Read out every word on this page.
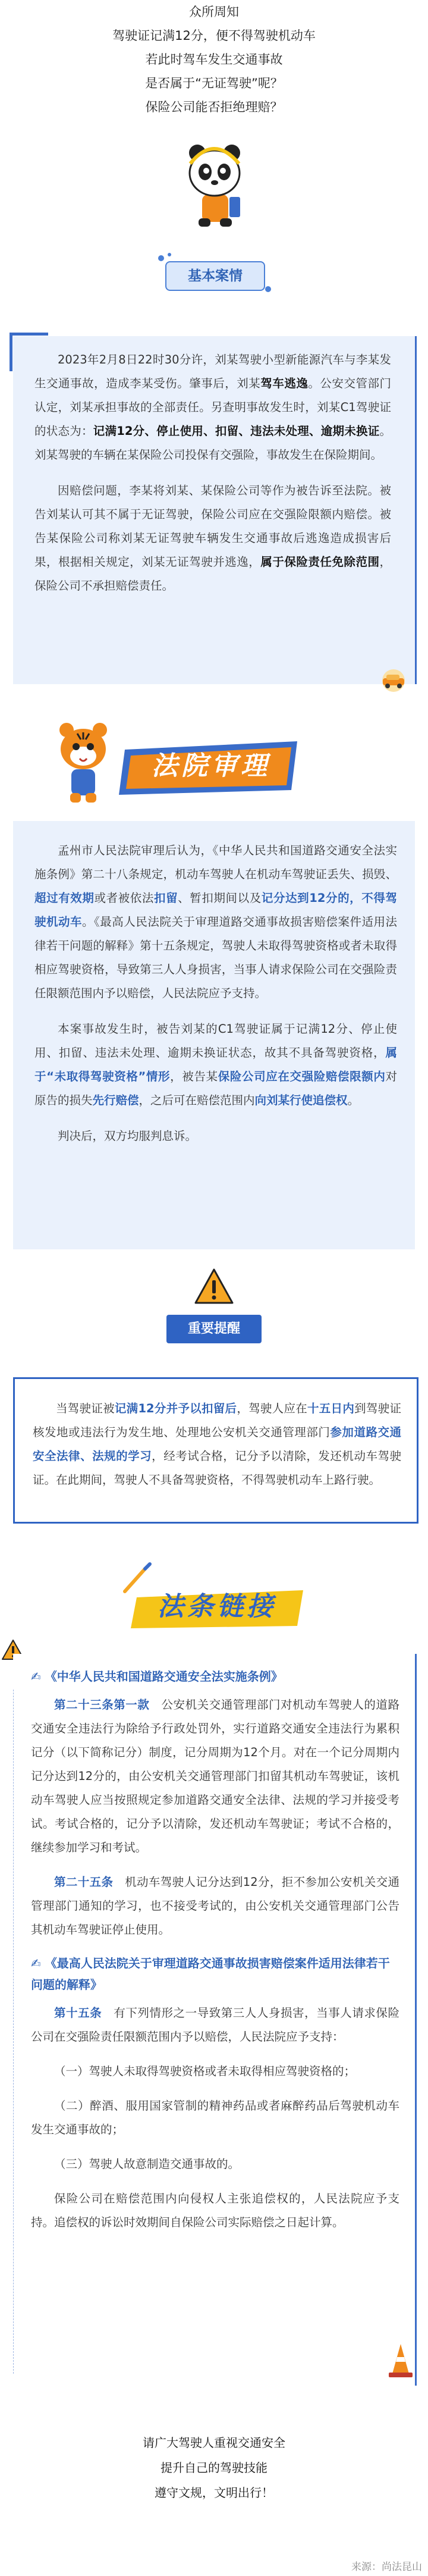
众所周知

驾驶证记满12分，便不得驾驶机动车

若此时驾车发生交通事故

是否属于“无证驾驶”呢？

保险公司能否拒绝理赔？

基本案情

2023年2月8日22时30分许，刘某驾驶小型新能源汽车与李某发生交通事故，造成李某受伤。肇事后，刘某驾车逃逸。公安交管部门认定，刘某承担事故的全部责任。另查明事故发生时，刘某C1驾驶证的状态为：记满12分、停止使用、扣留、违法未处理、逾期未换证。刘某驾驶的车辆在某保险公司投保有交强险，事故发生在保险期间。

因赔偿问题，李某将刘某、某保险公司等作为被告诉至法院。被告刘某认可其不属于无证驾驶，保险公司应在交强险限额内赔偿。被告某保险公司称刘某无证驾驶车辆发生交通事故后逃逸造成损害后果，根据相关规定，刘某无证驾驶并逃逸，属于保险责任免除范围，保险公司不承担赔偿责任。

法院审理

孟州市人民法院审理后认为，《中华人民共和国道路交通安全法实施条例》第二十八条规定，机动车驾驶人在机动车驾驶证丢失、损毁、超过有效期或者被依法扣留、暂扣期间以及记分达到12分的，不得驾驶机动车。《最高人民法院关于审理道路交通事故损害赔偿案件适用法律若干问题的解释》第十五条规定，驾驶人未取得驾驶资格或者未取得相应驾驶资格，导致第三人人身损害，当事人请求保险公司在交强险责任限额范围内予以赔偿，人民法院应予支持。

本案事故发生时，被告刘某的C1驾驶证属于记满12分、停止使用、扣留、违法未处理、逾期未换证状态，故其不具备驾驶资格，属于“未取得驾驶资格”情形，被告某保险公司应在交强险赔偿限额内对原告的损失先行赔偿，之后可在赔偿范围内向刘某行使追偿权。

判决后，双方均服判息诉。

重要提醒

当驾驶证被记满12分并予以扣留后，驾驶人应在十五日内到驾驶证核发地或违法行为发生地、处理地公安机关交通管理部门参加道路交通安全法律、法规的学习，经考试合格，记分予以清除，发还机动车驾驶证。在此期间，驾驶人不具备驾驶资格，不得驾驶机动车上路行驶。

法条链接

✍ 《中华人民共和国道路交通安全法实施条例》

第二十三条第一款　 公安机关交通管理部门对机动车驾驶人的道路交通安全违法行为除给予行政处罚外，实行道路交通安全违法行为累积记分（以下简称记分）制度，记分周期为12个月。对在一个记分周期内记分达到12分的，由公安机关交通管理部门扣留其机动车驾驶证，该机动车驾驶人应当按照规定参加道路交通安全法律、法规的学习并接受考试。考试合格的，记分予以清除，发还机动车驾驶证；考试不合格的，继续参加学习和考试。

第二十五条　 机动车驾驶人记分达到12分，拒不参加公安机关交通管理部门通知的学习，也不接受考试的，由公安机关交通管理部门公告其机动车驾驶证停止使用。

✍ 《最高人民法院关于审理道路交通事故损害赔偿案件适用法律若干问题的解释》

第十五条　 有下列情形之一导致第三人人身损害，当事人请求保险公司在交强险责任限额范围内予以赔偿，人民法院应予支持：

（一）驾驶人未取得驾驶资格或者未取得相应驾驶资格的；

（二）醉酒、服用国家管制的精神药品或者麻醉药品后驾驶机动车发生交通事故的；

（三）驾驶人故意制造交通事故的。

保险公司在赔偿范围内向侵权人主张追偿权的，人民法院应予支持。追偿权的诉讼时效期间自保险公司实际赔偿之日起计算。

请广大驾驶人重视交通安全

提升自己的驾驶技能

遵守文规，文明出行！

来源：尚法昆山
